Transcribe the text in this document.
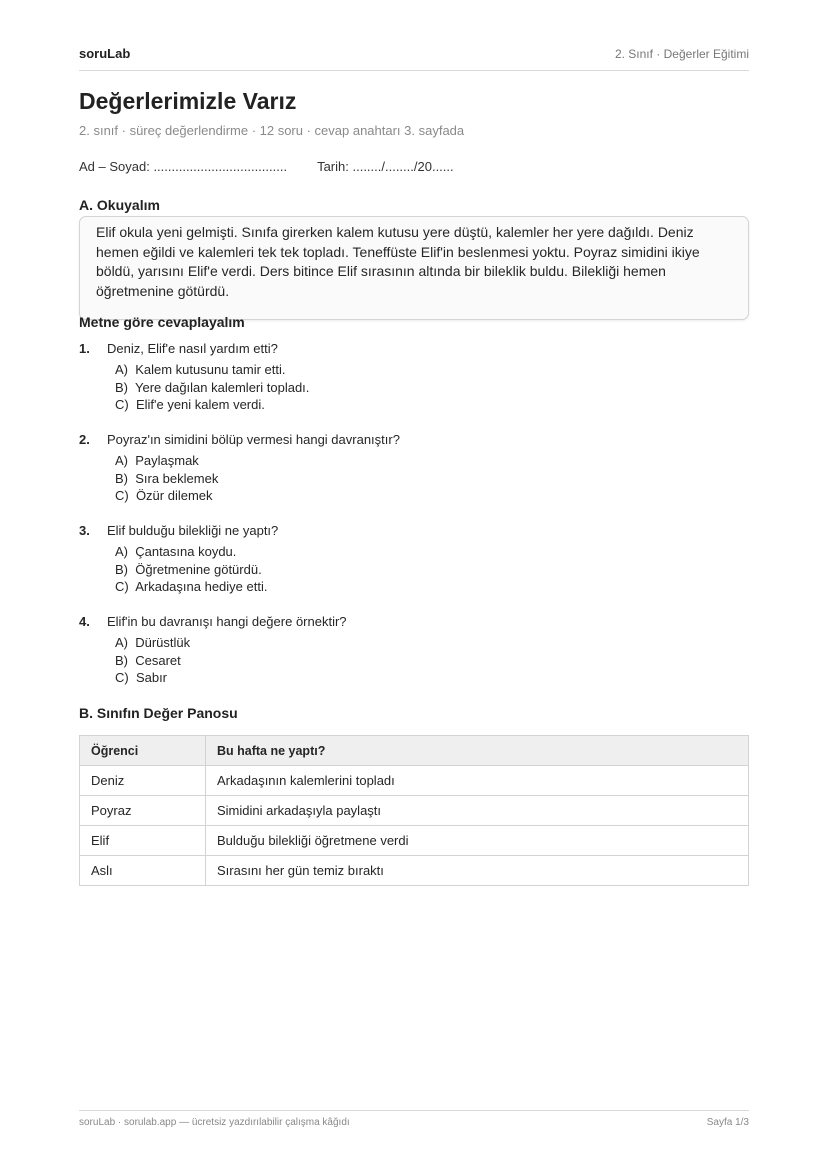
soruLab	2. Sınıf · Değerler Eğitimi
Değerlerimizle Varız
2. sınıf · süreç değerlendirme · 12 soru · cevap anahtarı 3. sayfada
Ad – Soyad: ..................................... Tarih: ......../......../20......
A. Okuyalım
Elif okula yeni gelmişti. Sınıfa girerken kalem kutusu yere düştü, kalemler her yere dağıldı. Deniz hemen eğildi ve kalemleri tek tek topladı. Teneffüste Elif'in beslenmesi yoktu. Poyraz simidini ikiye böldü, yarısını Elif'e verdi. Ders bitince Elif sırasının altında bir bileklik buldu. Bilekliği hemen öğretmenine götürdü.
Metne göre cevaplayalım
1. Deniz, Elif'e nasıl yardım etti?
A)  Kalem kutusunu tamir etti.
B)  Yere dağılan kalemleri topladı.
C)  Elif'e yeni kalem verdi.
2. Poyraz'ın simidini bölüp vermesi hangi davranıştır?
A)  Paylaşmak
B)  Sıra beklemek
C)  Özür dilemek
3. Elif bulduğu bilekliği ne yaptı?
A)  Çantasına koydu.
B)  Öğretmenine götürdü.
C)  Arkadaşına hediye etti.
4. Elif'in bu davranışı hangi değere örnektir?
A)  Dürüstlük
B)  Cesaret
C)  Sabır
B. Sınıfın Değer Panosu
Öğrenci	Bu hafta ne yaptı?
Deniz	Arkadaşının kalemlerini topladı
Poyraz	Simidini arkadaşıyla paylaştı
Elif	Bulduğu bilekliği öğretmene verdi
Aslı	Sırasını her gün temiz bıraktı
soruLab · sorulab.app — ücretsiz yazdırılabilir çalışma kâğıdı	Sayfa 1/3
